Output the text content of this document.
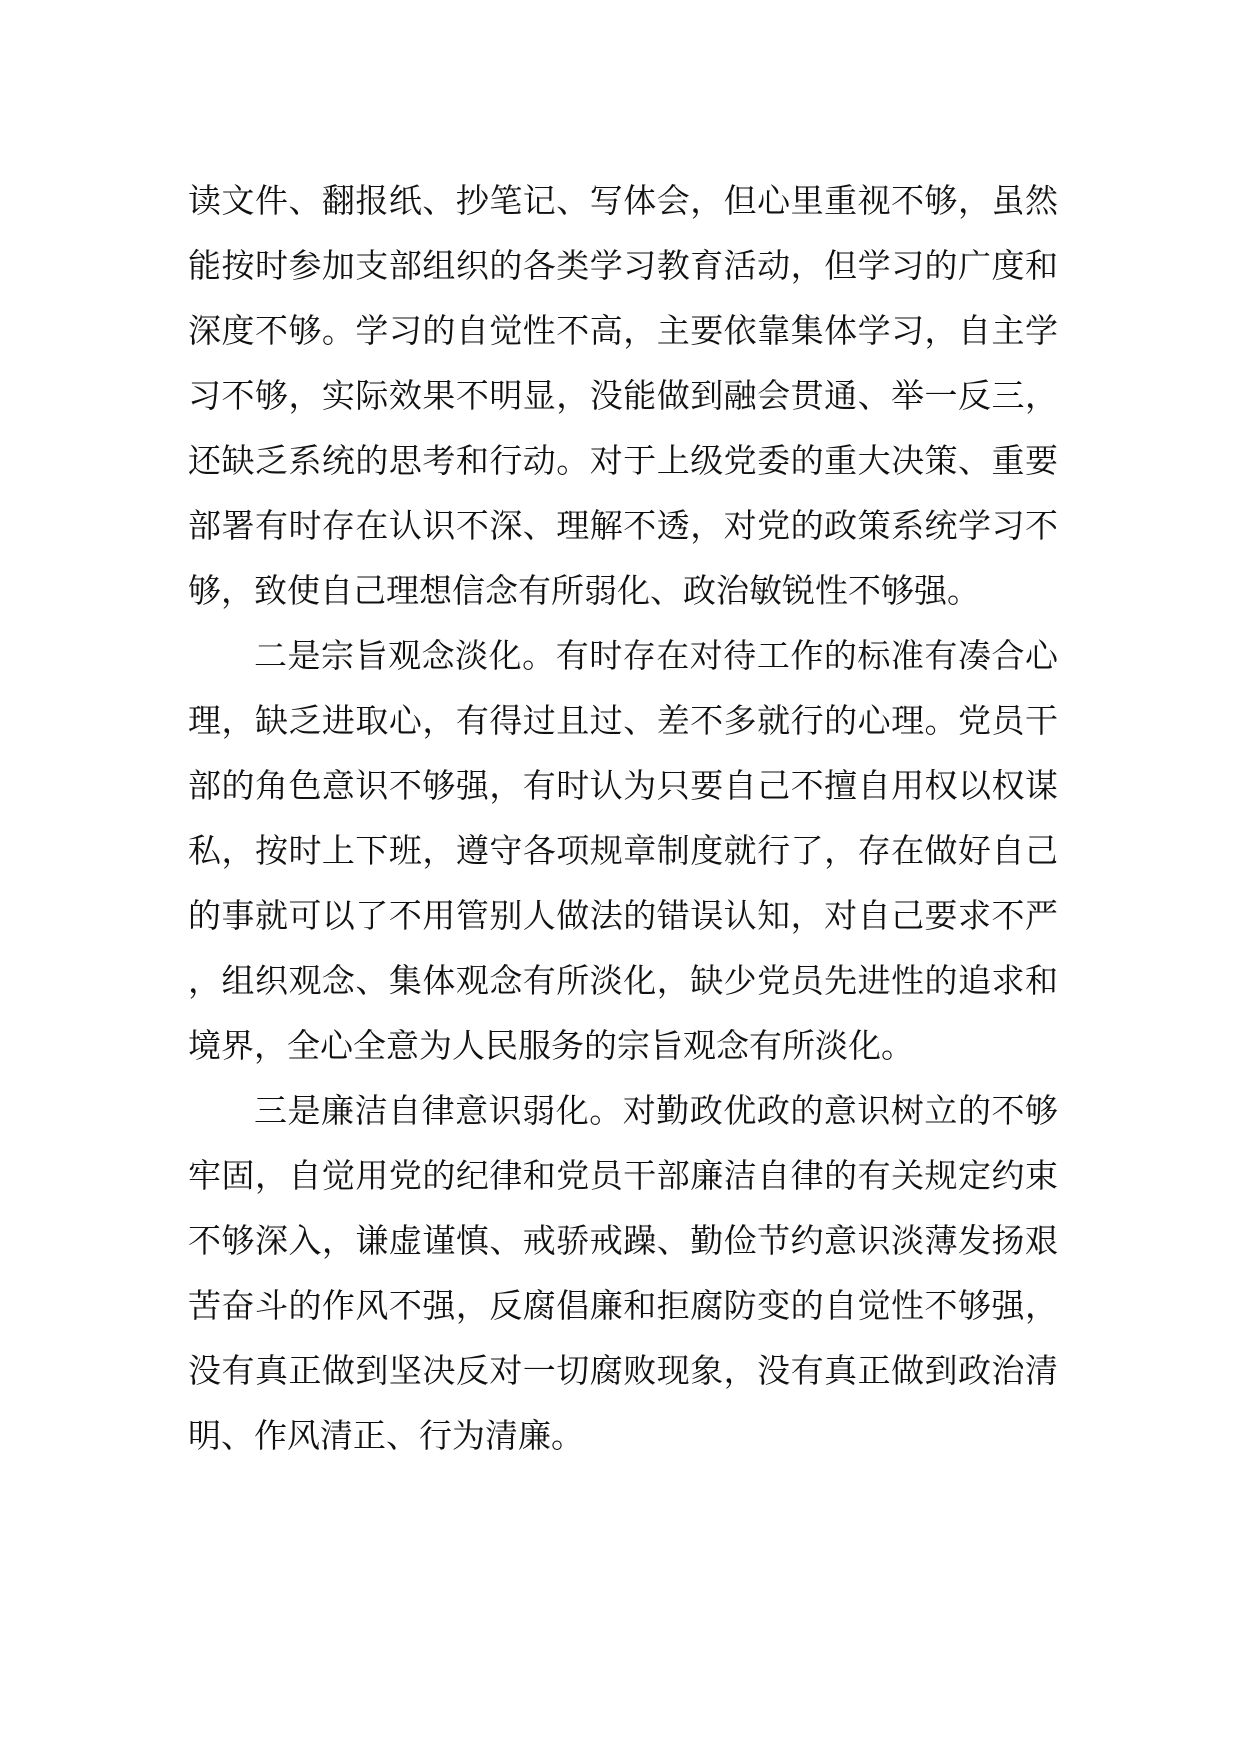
读文件、翻报纸、抄笔记、写体会，但心里重视不够，虽然能按时参加支部组织的各类学习教育活动，但学习的广度和深度不够。学习的自觉性不高，主要依靠集体学习，自主学习不够，实际效果不明显，没能做到融会贯通、举一反三，还缺乏系统的思考和行动。对于上级党委的重大决策、重要部署有时存在认识不深、理解不透，对党的政策系统学习不够，致使自己理想信念有所弱化、政治敏锐性不够强。

二是宗旨观念淡化。有时存在对待工作的标准有凑合心理，缺乏进取心，有得过且过、差不多就行的心理。党员干部的角色意识不够强，有时认为只要自己不擅自用权以权谋私，按时上下班，遵守各项规章制度就行了，存在做好自己的事就可以了不用管别人做法的错误认知，对自己要求不严，组织观念、集体观念有所淡化，缺少党员先进性的追求和境界，全心全意为人民服务的宗旨观念有所淡化。

三是廉洁自律意识弱化。对勤政优政的意识树立的不够牢固，自觉用党的纪律和党员干部廉洁自律的有关规定约束不够深入，谦虚谨慎、戒骄戒躁、勤俭节约意识淡薄发扬艰苦奋斗的作风不强，反腐倡廉和拒腐防变的自觉性不够强，没有真正做到坚决反对一切腐败现象，没有真正做到政治清明、作风清正、行为清廉。
